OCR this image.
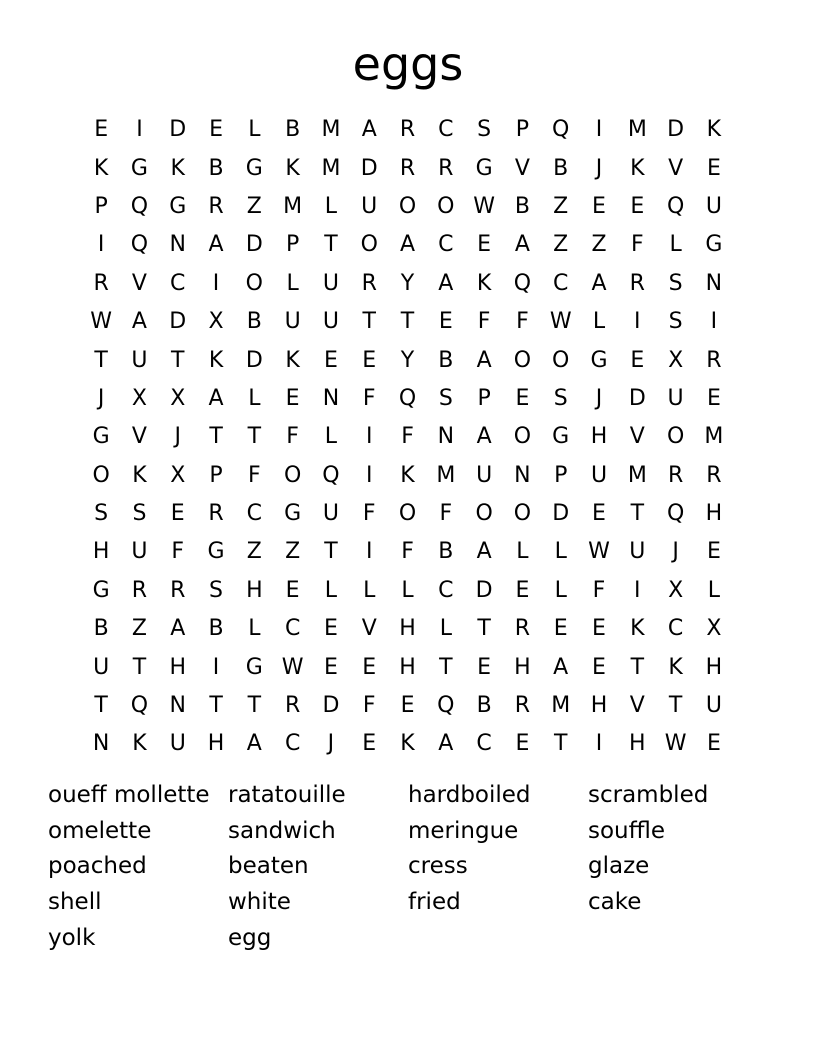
eggs
E	I	D	E	L	B M A	R	C	S	P	Q	I	M D	K
K	G	K	B	G	K M D	R	R	G	V	B	J	K	V	E
P	Q G	R	Z M	L	U O O W B	Z	E	E	Q U
I	Q N	A	D	P	T	O	A	C	E	A	Z	Z	F	L	G
R	V	C	I	O	L	U	R	Y	A	K	Q C	A	R	S	N
W A	D	X	B	U	U	T	T	E	F	F W L	I	S	I
T	U	T	K	D	K	E	E	Y	B	A	O O G	E	X	R
J	X	X	A	L	E	N	F	Q	S	P	E	S	J	D U	E
G	V	J	T	T	F	L	I	F	N	A	O G H	V	O M
O	K	X	P	F	O Q	I	K M U	N	P	U M R	R
S	S	E	R	C	G U	F	O	F	O O D	E	T	Q H
H U	F	G	Z	Z	T	I	F	B	A	L	L W U	J	E
G	R	R	S	H	E	L	L	L	C	D	E	L	F	I	X	L
B	Z	A	B	L	C	E	V	H	L	T	R	E	E	K	C	X
U	T	H	I	G W E	E	H	T	E	H	A	E	T	K	H
T	Q N	T	T	R	D	F	E	Q	B	R M H	V	T	U
N	K	U H	A	C	J	E	K	A	C	E	T	I	H W E
oueff mollette
omelette
poached
shell
yolk
ratatouille
sandwich
beaten
white
egg
hardboiled
meringue
cress
fried
scrambled
souffle
glaze
cake
